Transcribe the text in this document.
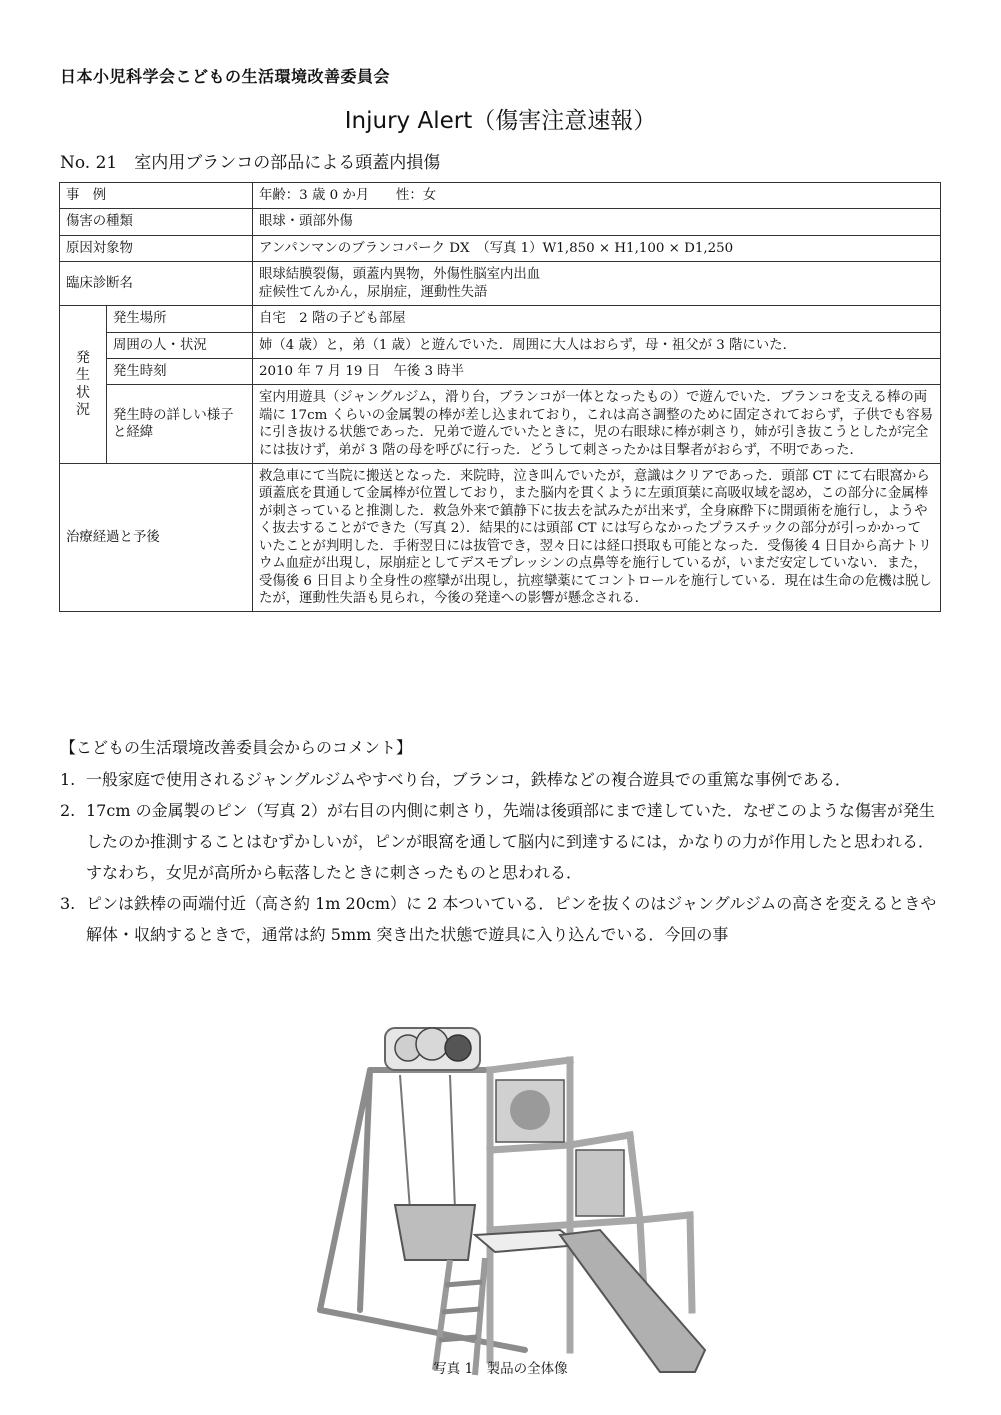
日本小児科学会こどもの生活環境改善委員会
Injury Alert（傷害注意速報）
No. 21　 室内用ブランコの部品による頭蓋内損傷
事　例		年齢：3 歳 0 か月　　性：女
傷害の種類		眼球・頭部外傷
原因対象物		アンパンマンのブランコパーク DX　（写真 1）W1,850 × H1,100 × D1,250
臨床診断名		眼球結膜裂傷，頭蓋内異物，外傷性脳室内出血
症候性てんかん，尿崩症，運動性失語

発生状況	発生場所	自宅　2 階の子ども部屋
	周囲の人・状況	姉（4 歳）と，弟（1 歳）と遊んでいた．周囲に大人はおらず，母・祖父が 3 階にいた．
	発生時刻	2010 年 7 月 19 日　午後 3 時半
	発生時の詳しい様子と経緯	室内用遊具（ジャングルジム，滑り台，ブランコが一体となったもの）で遊んでいた．ブランコを支える棒の両端に 17cm くらいの金属製の棒が差し込まれており，これは高さ調整のために固定されておらず，子供でも容易に引き抜ける状態であった．兄弟で遊んでいたときに，児の右眼球に棒が刺さり，姉が引き抜こうとしたが完全には抜けず，弟が 3 階の母を呼びに行った．どうして刺さったかは目撃者がおらず，不明であった．
治療経過と予後		救急車にて当院に搬送となった．来院時，泣き叫んでいたが，意識はクリアであった．頭部 CT にて右眼窩から頭蓋底を貫通して金属棒が位置しており，また脳内を貫くように左頭頂葉に高吸収域を認め，この部分に金属棒が刺さっていると推測した．救急外来で鎮静下に抜去を試みたが出来ず，全身麻酔下に開頭術を施行し，ようやく抜去することができた（写真 2）．結果的には頭部 CT には写らなかったプラスチックの部分が引っかかっていたことが判明した．手術翌日には抜管でき，翌々日には経口摂取も可能となった．受傷後 4 日目から高ナトリウム血症が出現し，尿崩症としてデスモプレッシンの点鼻等を施行しているが，いまだ安定していない．また，受傷後 6 日目より全身性の痙攣が出現し，抗痙攣薬にてコントロールを施行している．現在は生命の危機は脱したが，運動性失語も見られ，今後の発達への影響が懸念される．
【こどもの生活環境改善委員会からのコメント】

1. 一般家庭で使用されるジャングルジムやすべり台，ブランコ，鉄棒などの複合遊具での重篤な事例である．

2. 17cm の金属製のピン（写真 2）が右目の内側に刺さり，先端は後頭部にまで達していた．なぜこのような傷害が発生したのか推測することはむずかしいが，ピンが眼窩を通して脳内に到達するには，かなりの力が作用したと思われる．すなわち，女児が高所から転落したときに刺さったものと思われる．

3. ピンは鉄棒の両端付近（高さ約 1m 20cm）に 2 本ついている．ピンを抜くのはジャングルジムの高さを変えるときや解体・収納するときで，通常は約 5mm 突き出た状態で遊具に入り込んでいる．今回の事

写真 1　製品の全体像
